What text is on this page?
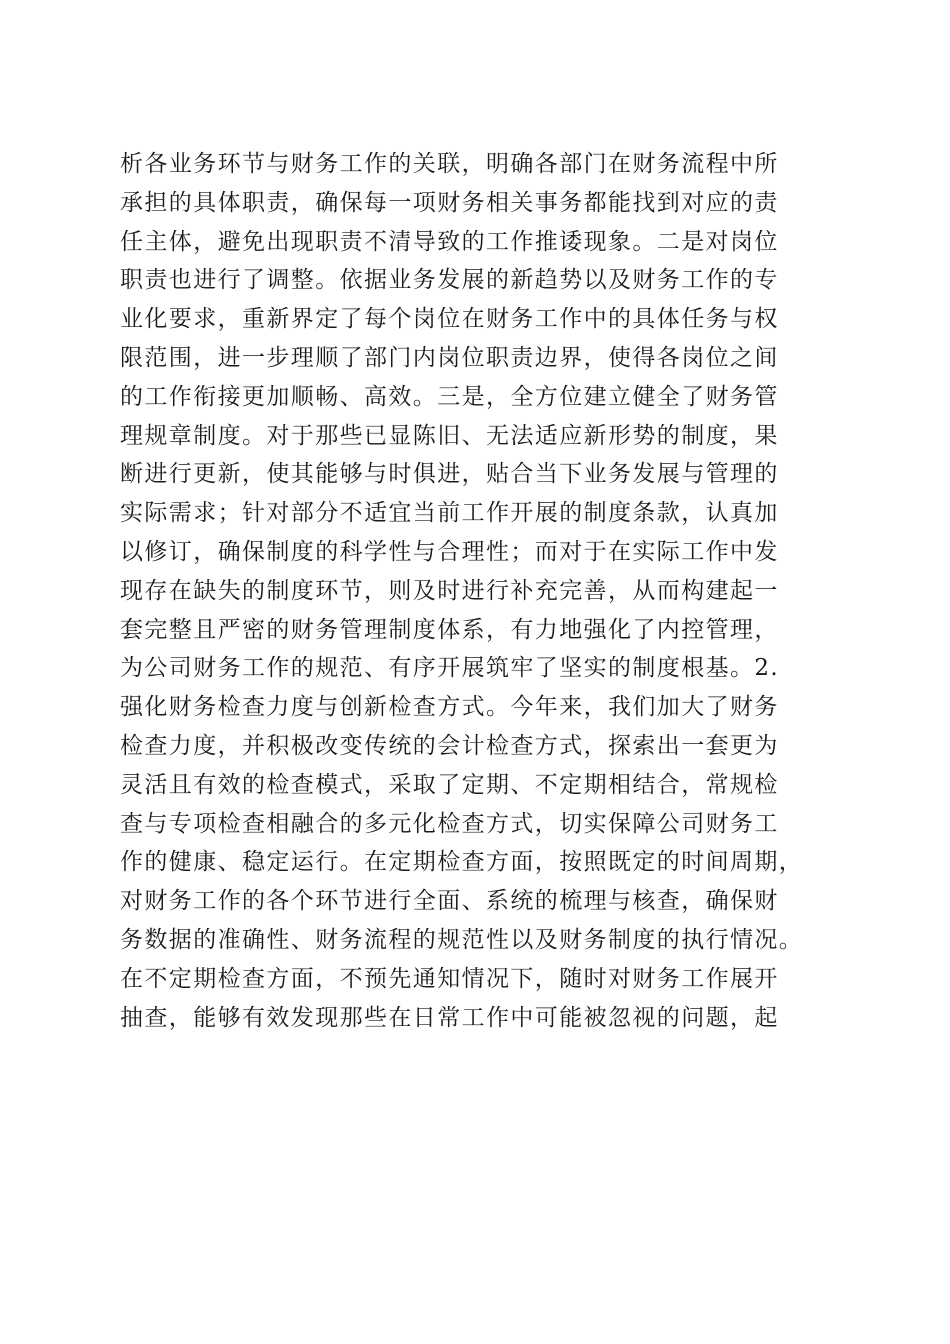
析各业务环节与财务工作的关联，明确各部门在财务流程中所
承担的具体职责，确保每一项财务相关事务都能找到对应的责
任主体，避免出现职责不清导致的工作推诿现象。二是对岗位
职责也进行了调整。依据业务发展的新趋势以及财务工作的专
业化要求，重新界定了每个岗位在财务工作中的具体任务与权
限范围，进一步理顺了部门内岗位职责边界，使得各岗位之间
的工作衔接更加顺畅、高效。三是，全方位建立健全了财务管
理规章制度。对于那些已显陈旧、无法适应新形势的制度，果
断进行更新，使其能够与时俱进，贴合当下业务发展与管理的
实际需求；针对部分不适宜当前工作开展的制度条款，认真加
以修订，确保制度的科学性与合理性；而对于在实际工作中发
现存在缺失的制度环节，则及时进行补充完善，从而构建起一
套完整且严密的财务管理制度体系，有力地强化了内控管理，
为公司财务工作的规范、有序开展筑牢了坚实的制度根基。2.
强化财务检查力度与创新检查方式。今年来，我们加大了财务
检查力度，并积极改变传统的会计检查方式，探索出一套更为
灵活且有效的检查模式，采取了定期、不定期相结合，常规检
查与专项检查相融合的多元化检查方式，切实保障公司财务工
作的健康、稳定运行。在定期检查方面，按照既定的时间周期，
对财务工作的各个环节进行全面、系统的梳理与核查，确保财
务数据的准确性、财务流程的规范性以及财务制度的执行情况。
在不定期检查方面，不预先通知情况下，随时对财务工作展开
抽查，能够有效发现那些在日常工作中可能被忽视的问题，起
